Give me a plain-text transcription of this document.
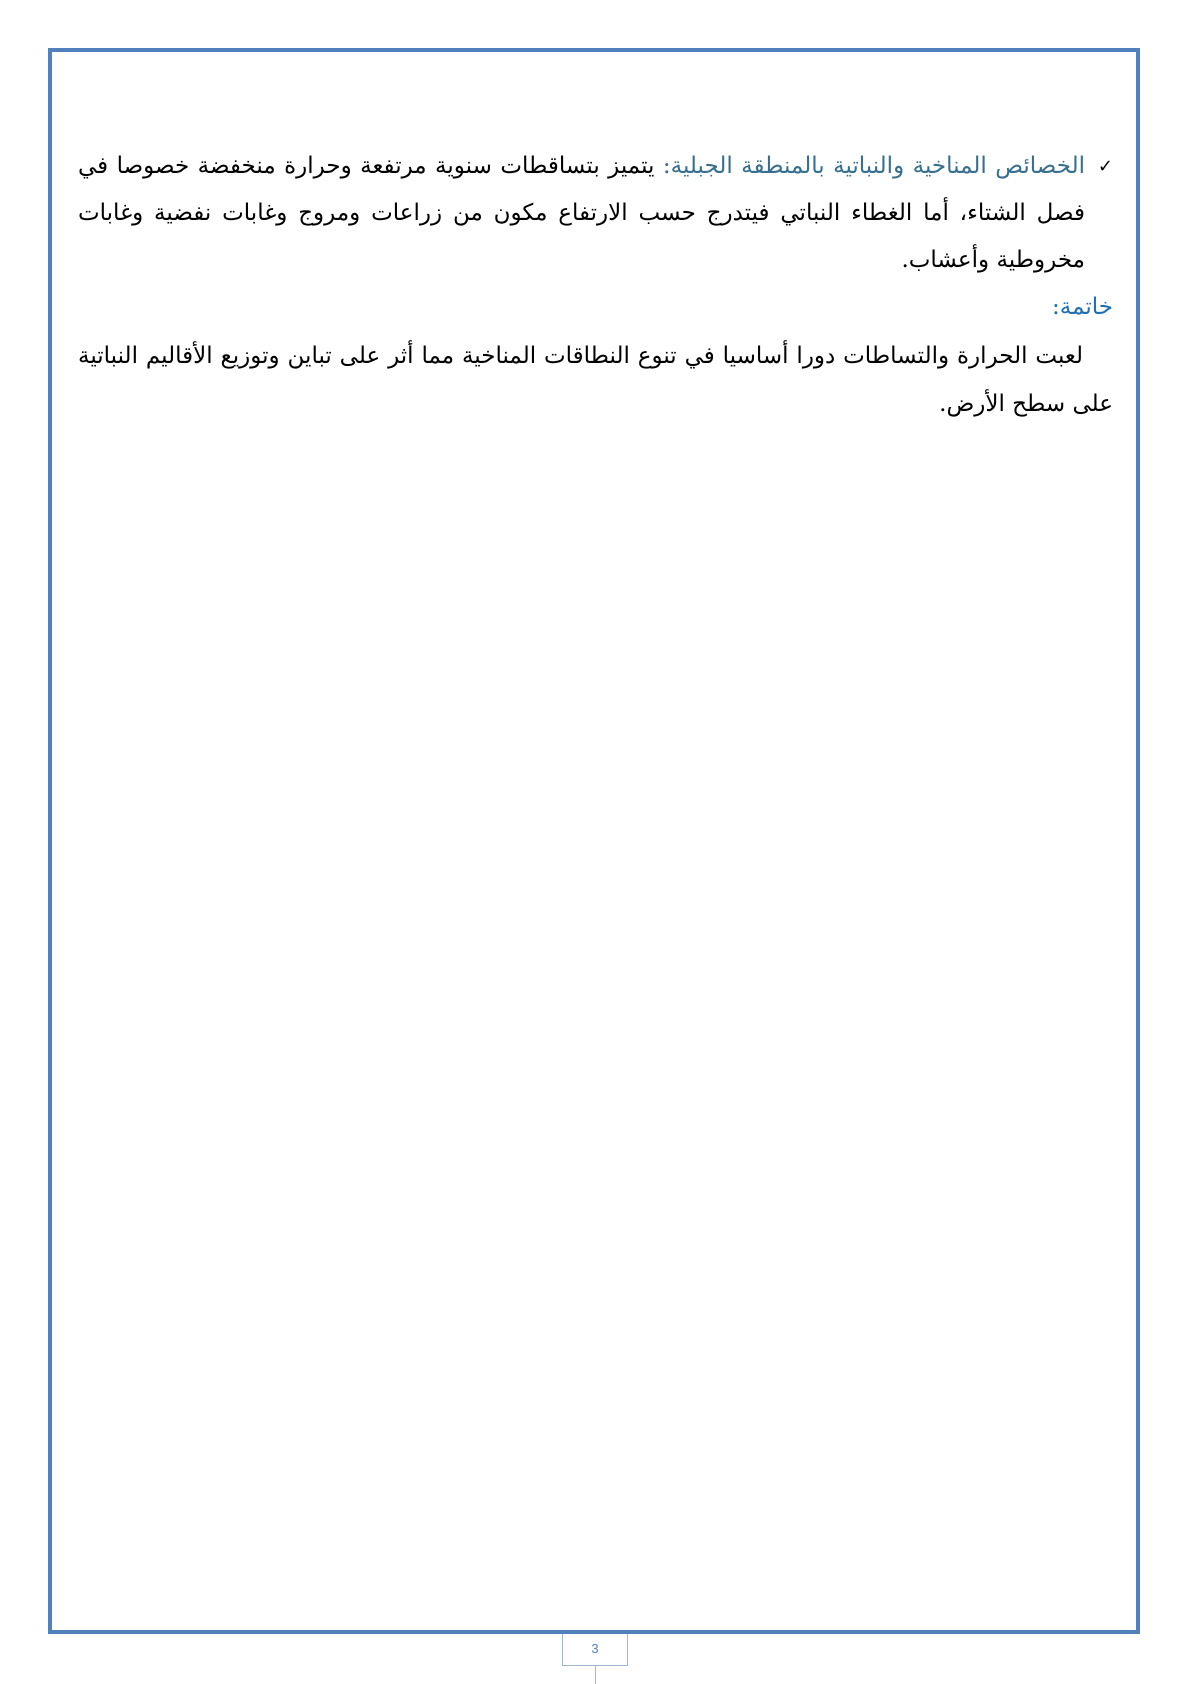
✓
الخصائص المناخية والنباتية بالمنطقة الجبلية: يتميز بتساقطات سنوية مرتفعة وحرارة منخفضة خصوصا في فصل الشتاء، أما الغطاء النباتي فيتدرج حسب الارتفاع مكون من زراعات ومروج وغابات نفضية وغابات مخروطية وأعشاب.

خاتمة:

لعبت الحرارة والتساطات دورا أساسيا في تنوع النطاقات المناخية مما أثر على تباين وتوزيع الأقاليم النباتية على سطح الأرض.

3
